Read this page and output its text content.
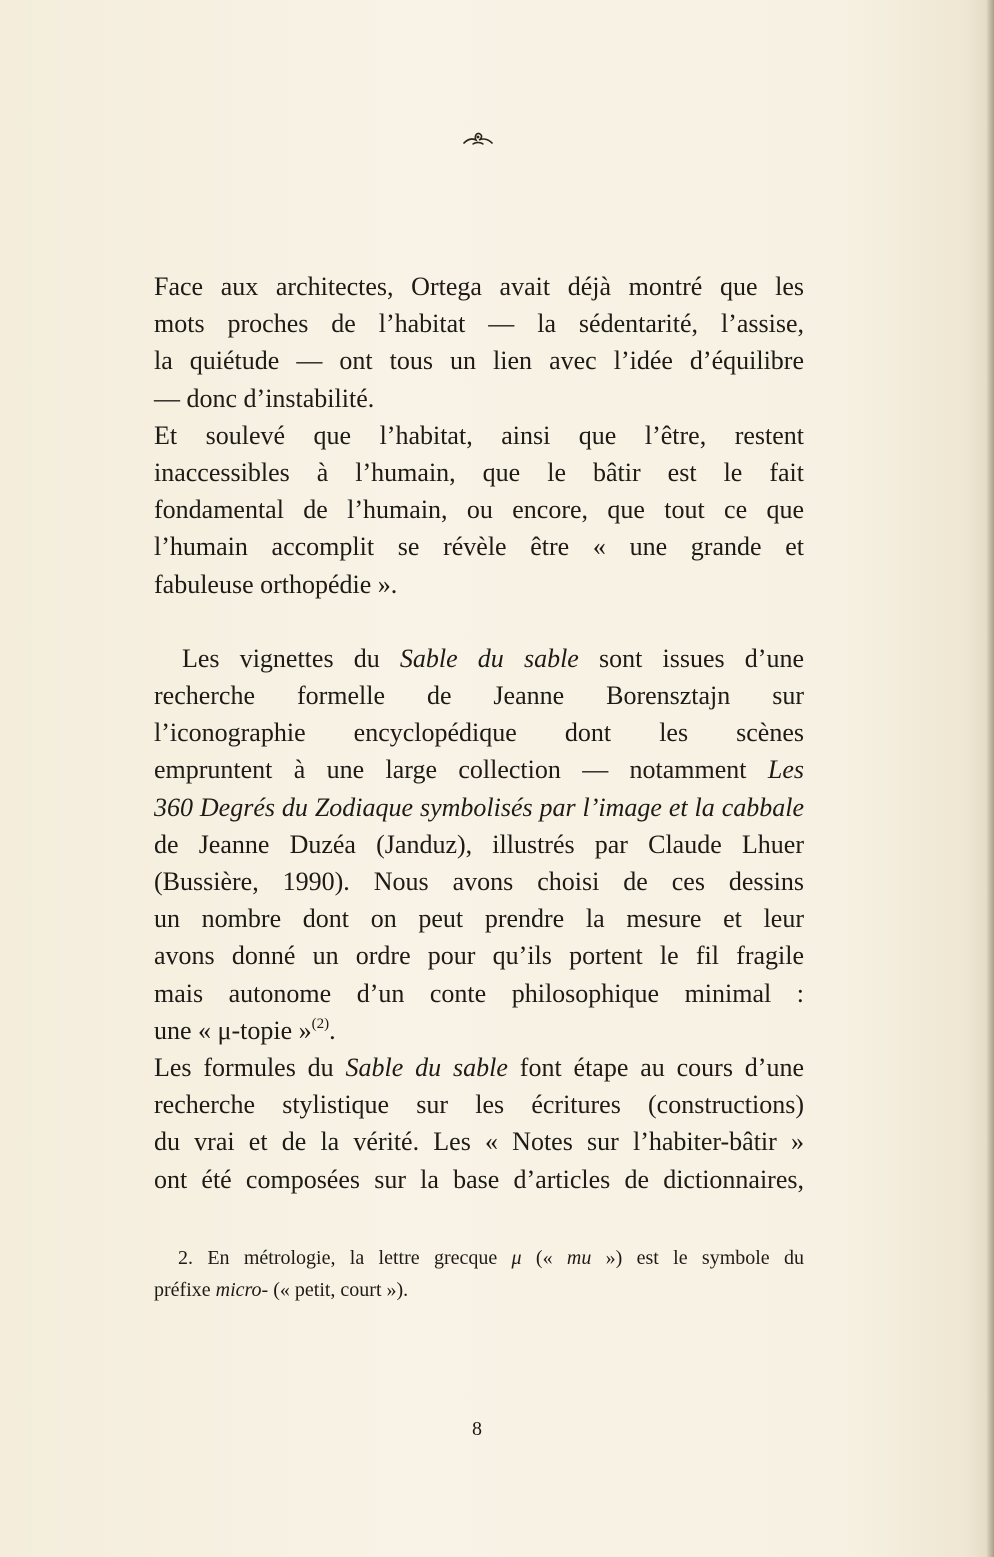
Face aux architectes, Ortega avait déjà montré que les
mots proches de l’habitat — la sédentarité, l’assise,
la quiétude — ont tous un lien avec l’idée d’équilibre
— donc d’instabilité.
Et soulevé que l’habitat, ainsi que l’être, restent
inaccessibles à l’humain, que le bâtir est le fait
fondamental de l’humain, ou encore, que tout ce que
l’humain accomplit se révèle être « une grande et
fabuleuse orthopédie ».
Les vignettes du Sable du sable sont issues d’une
recherche formelle de Jeanne Borensztajn sur
l’iconographie encyclopédique dont les scènes
empruntent à une large collection — notamment Les
360 Degrés du Zodiaque symbolisés par l’image et la cabbale
de Jeanne Duzéa (Janduz), illustrés par Claude Lhuer
(Bussière, 1990). Nous avons choisi de ces dessins
un nombre dont on peut prendre la mesure et leur
avons donné un ordre pour qu’ils portent le fil fragile
mais autonome d’un conte philosophique minimal :
une « μ-topie »$^{(2)}$.
Les formules du Sable du sable font étape au cours d’une
recherche stylistique sur les écritures (constructions)
du vrai et de la vérité. Les « Notes sur l’habiter-bâtir »
ont été composées sur la base d’articles de dictionnaires,
2. En métrologie, la lettre grecque μ (« mu ») est le symbole du
préfixe micro- (« petit, court »).
8
